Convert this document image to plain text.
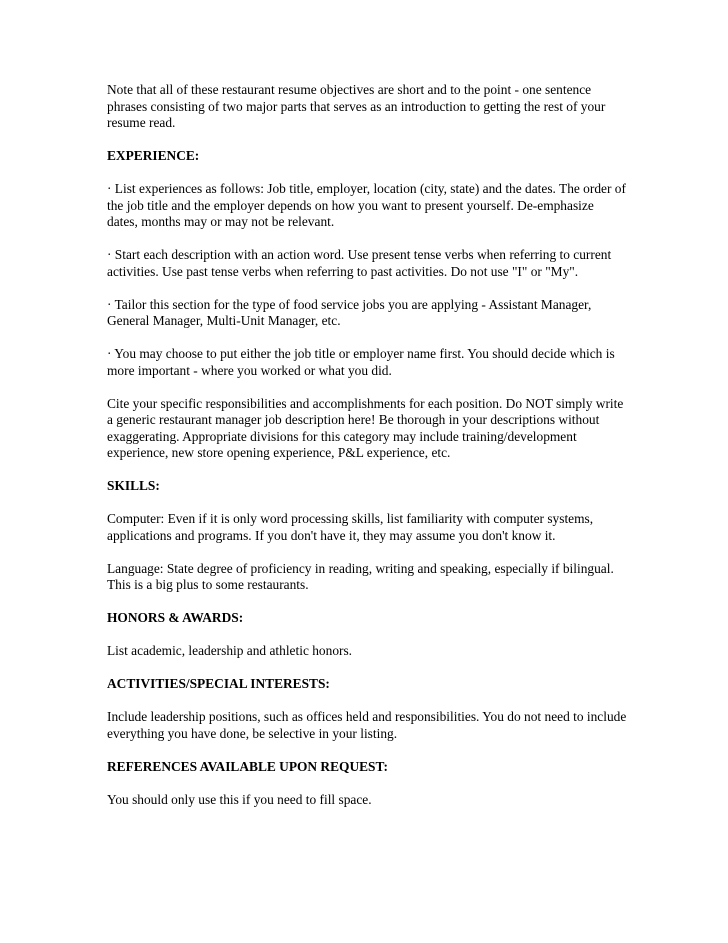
Note that all of these restaurant resume objectives are short and to the point - one sentence phrases consisting of two major parts that serves as an introduction to getting the rest of your resume read.

EXPERIENCE:

· List experiences as follows: Job title, employer, location (city, state) and the dates. The order of the job title and the employer depends on how you want to present yourself. De-emphasize dates, months may or may not be relevant.

· Start each description with an action word. Use present tense verbs when referring to current activities. Use past tense verbs when referring to past activities. Do not use "I" or "My".

· Tailor this section for the type of food service jobs you are applying - Assistant Manager, General Manager, Multi-Unit Manager, etc.

· You may choose to put either the job title or employer name first. You should decide which is more important - where you worked or what you did.

Cite your specific responsibilities and accomplishments for each position. Do NOT simply write a generic restaurant manager job description here! Be thorough in your descriptions without exaggerating. Appropriate divisions for this category may include training/development experience, new store opening experience, P&L experience, etc.

SKILLS:

Computer: Even if it is only word processing skills, list familiarity with computer systems, applications and programs. If you don't have it, they may assume you don't know it.

Language: State degree of proficiency in reading, writing and speaking, especially if bilingual. This is a big plus to some restaurants.

HONORS & AWARDS:

List academic, leadership and athletic honors.

ACTIVITIES/SPECIAL INTERESTS:

Include leadership positions, such as offices held and responsibilities. You do not need to include everything you have done, be selective in your listing.

REFERENCES AVAILABLE UPON REQUEST:

You should only use this if you need to fill space.
